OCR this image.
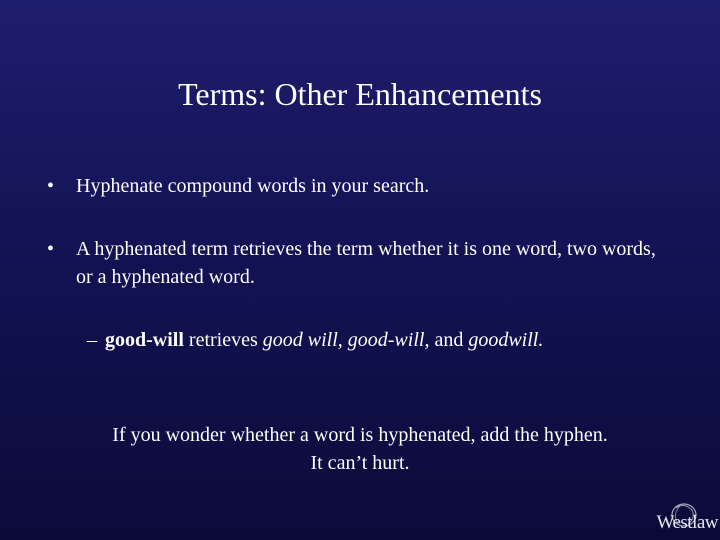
Terms: Other Enhancements
•	Hyphenate compound words in your search.
•	A hyphenated term retrieves the term whether it is one word, two words, or a hyphenated word.
– good-will retrieves good will, good-will, and goodwill.
If you wonder whether a word is hyphenated, add the hyphen.
It can’t hurt.
Westlaw
